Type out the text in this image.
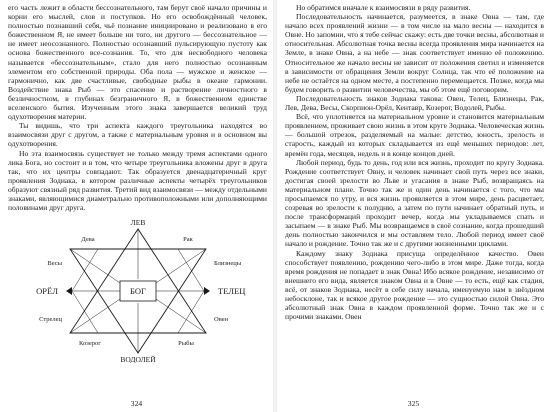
его часть лежит в области бессознательного, там берут своё начало причины и корни его мыслей, слов и поступков. Но его освобождённый человек, полностью познавший себя, чьё познание инициировано и реализовано в его божественном Я, не имеет больше ни того, ни другого — бессознательное — не имеет неосознанного. Полностью осознавший пульсирующую пустоту как основа божественного все-сознания. То, что для несвободного человека называется «бессознательным», стало для него полностью осознанным элементом его собственной природы. Оба пола — мужское и женское — гармонично, как две счастливые, свободные рыбы в океане гармонии. Воздействие знака Рыб — это спасение и растворение личностного в безличностном, в глубинах безграничного Я, в божественном единстве вселенского бытия. Изученным этого знака завершается великий труд одухотворения материи.

Ты видишь, что три аспекта каждого треугольника находятся во взаимосвязи друг с другом, а также с материальным уровня и в основном вы одухотворения.

Но эта взаимосвязь существует не только между тремя аспектами одного лика Бога, но состоит и в том, что четыре треугольника вложены друг в друга так, что их центры совпадают. Так образуется двенадцатеричный круг проявления Зодиака, в котором различные аспекты четырёх треугольников образуют связный ряд развития. Третий вид взаимосвязи — между отдельными знаками, являющимися диаметрально противоположными или дополняющими половинами друг друга.

ЛЕВ
Дева	Рак
Весы	Близнецы
ОРЁЛ	ТЕЛЕЦ
БОГ
Стрелец	Овен
Козерог	Рыбы
ВОДОЛЕЙ
324

Но обратимся вначале к взаимосвязи в ряду развития.

Последовательность начинается, разумеется, в знаке Овна — там, где начало всех проявлений жизни — в том числе на мало весны — находится в Овне. Но запомни, что я тебе сейчас скажу: есть две точки весны, абсолютная и относительная. Абсолютная точка весны всегда проявления мира начинается на Земле, в знаке Овна, а на небе — знак соответствует именно её положению. Относительное же начало весны не зависит от положения светил и изменяется в зависимости от обращения Земли вокруг Солнца, так что её положение на небе не остаётся на одном месте, а постепенно перемещается. Позже, когда мы будем говорить о развитии человечества, мы об этом ещё поговорим.

Последовательность знаков Зодиака такова: Овен, Телец, Близнецы, Рак, Лев, Дева, Весы, Скорпион-Орёл, Кентавр, Козерог, Водолей, Рыбы.

Всё, что уплотняется на материальном уровне и становится материальным проявлением, проживает свою жизнь в этом круге Зодиака. Человеческая жизнь — большой отрезок, разделяемый на малые: детство, юность, зрелость и старость, каждый из которых складывается из ещё меньших периодов: лет, времён года, месяцев, недель и в конце концов дней.

Любой период, будь то день, год или вся жизнь, проходит по кругу Зодиака. Рождение соответствует Овну, и человек начинает свой путь через все знаки, достигая своей зрелости во Льве и угасания в знаке Рыб, возвращаясь на материальном плане. Точно так же и один день начинается с того, что мы просыпаемся по утру, и вся жизнь проявляется в этом мире, день расцветает, созревая во зрелости к полудню, а затем по пути начинает обратный путь, и после трансформаций проходит вечер, когда мы укладываемся спать и засыпаем — в знаке Рыб. Мы возвращаемся в своё сознание, когда прошедший день полностью закончился и мы оставляем тело. Любой период имеет своё начало и рождение. Точно так же и с другими жизненными циклами.

Каждому знаку Зодиака присуща определённое качество. Овен способствует появлению, рождению чего-либо в этом мире. Даже тогда, когда время рождения не попадает в знак Овна! Ибо всякое рождение, независимо от внешнего его вида, является знаком Овна и в Овне — то есть, ещё как стадия, всё, от знаков Зодиака, несёт в себе силу начала, именуемую нам в звёздном небосклоне, так и всякое другое рождение — это сущностью силой Овна. Это абсолютный знак Овна в каждом проявленной форме. Точно так же и с прочими знаками. Овен

325
